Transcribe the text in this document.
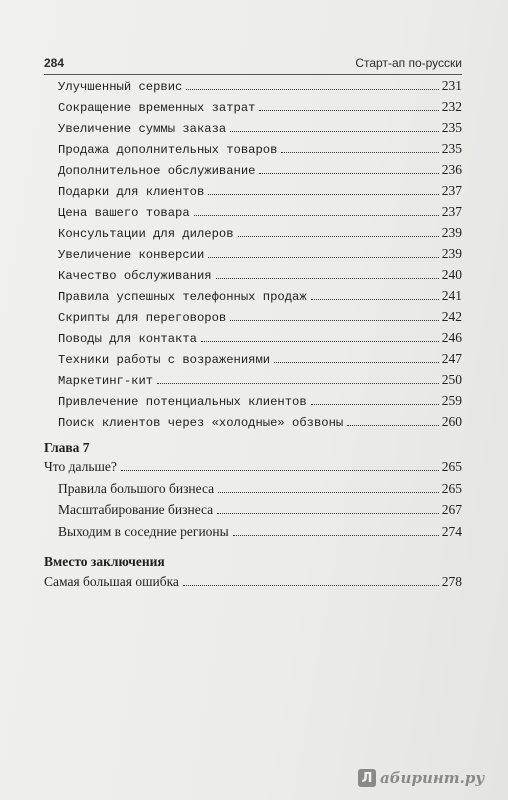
284	Старт-ап по-русски
Улучшенный сервис	231
Сокращение временных затрат	232
Увеличение суммы заказа	235
Продажа дополнительных товаров	235
Дополнительное обслуживание	236
Подарки для клиентов	237
Цена вашего товара	237
Консультации для дилеров	239
Увеличение конверсии	239
Качество обслуживания	240
Правила успешных телефонных продаж	241
Скрипты для переговоров	242
Поводы для контакта	246
Техники работы с возражениями	247
Маркетинг-кит	250
Привлечение потенциальных клиентов	259
Поиск клиентов через «холодные» обзвоны	260
Глава 7
Что дальше?	265
Правила большого бизнеса	265
Масштабирование бизнеса	267
Выходим в соседние регионы	274
Вместо заключения
Самая большая ошибка	278
Л абиринт.ру
